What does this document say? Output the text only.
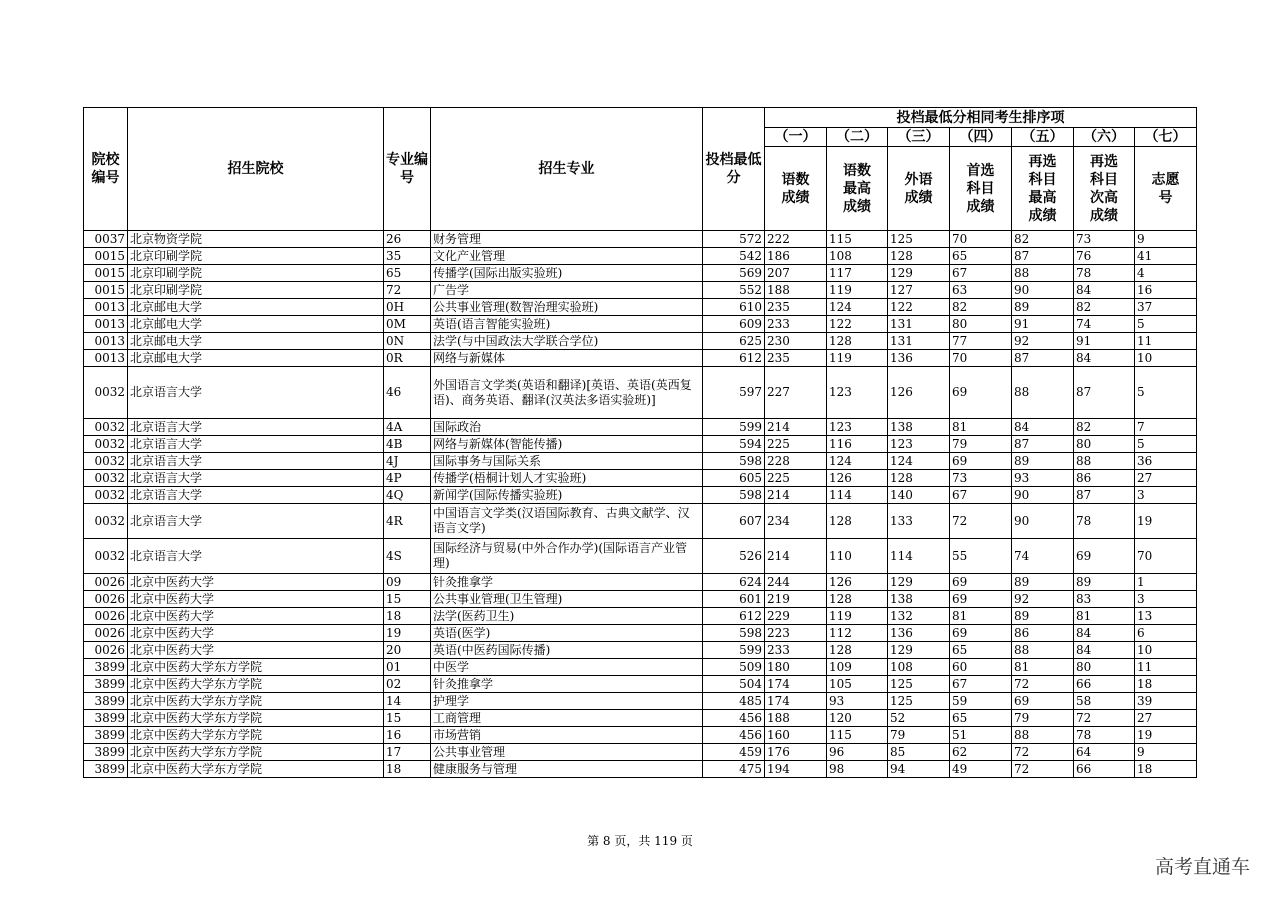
院校编号	招生院校	专业编号	招生专业	投档最低分	投档最低分相同考生排序项						
					（一）	（二）	（三）	（四）	（五）	（六）	（七）
					语数成绩	语数最高成绩	外语成绩	首选科目成绩	再选科目最高成绩	再选科目次高成绩	志愿号
0037	北京物资学院	26	财务管理	572	222	115	125	70	82	73	9
0015	北京印刷学院	35	文化产业管理	542	186	108	128	65	87	76	41
0015	北京印刷学院	65	传播学(国际出版实验班)	569	207	117	129	67	88	78	4
0015	北京印刷学院	72	广告学	552	188	119	127	63	90	84	16
0013	北京邮电大学	0H	公共事业管理(数智治理实验班)	610	235	124	122	82	89	82	37
0013	北京邮电大学	0M	英语(语言智能实验班)	609	233	122	131	80	91	74	5
0013	北京邮电大学	0N	法学(与中国政法大学联合学位)	625	230	128	131	77	92	91	11
0013	北京邮电大学	0R	网络与新媒体	612	235	119	136	70	87	84	10
0032	北京语言大学	46	外国语言文学类(英语和翻译)[英语、英语(英西复语)、商务英语、翻译(汉英法多语实验班)]	597	227	123	126	69	88	87	5
0032	北京语言大学	4A	国际政治	599	214	123	138	81	84	82	7
0032	北京语言大学	4B	网络与新媒体(智能传播)	594	225	116	123	79	87	80	5
0032	北京语言大学	4J	国际事务与国际关系	598	228	124	124	69	89	88	36
0032	北京语言大学	4P	传播学(梧桐计划人才实验班)	605	225	126	128	73	93	86	27
0032	北京语言大学	4Q	新闻学(国际传播实验班)	598	214	114	140	67	90	87	3
0032	北京语言大学	4R	中国语言文学类(汉语国际教育、古典文献学、汉语言文学)	607	234	128	133	72	90	78	19
0032	北京语言大学	4S	国际经济与贸易(中外合作办学)(国际语言产业管理)	526	214	110	114	55	74	69	70
0026	北京中医药大学	09	针灸推拿学	624	244	126	129	69	89	89	1
0026	北京中医药大学	15	公共事业管理(卫生管理)	601	219	128	138	69	92	83	3
0026	北京中医药大学	18	法学(医药卫生)	612	229	119	132	81	89	81	13
0026	北京中医药大学	19	英语(医学)	598	223	112	136	69	86	84	6
0026	北京中医药大学	20	英语(中医药国际传播)	599	233	128	129	65	88	84	10
3899	北京中医药大学东方学院	01	中医学	509	180	109	108	60	81	80	11
3899	北京中医药大学东方学院	02	针灸推拿学	504	174	105	125	67	72	66	18
3899	北京中医药大学东方学院	14	护理学	485	174	93	125	59	69	58	39
3899	北京中医药大学东方学院	15	工商管理	456	188	120	52	65	79	72	27
3899	北京中医药大学东方学院	16	市场营销	456	160	115	79	51	88	78	19
3899	北京中医药大学东方学院	17	公共事业管理	459	176	96	85	62	72	64	9
3899	北京中医药大学东方学院	18	健康服务与管理	475	194	98	94	49	72	66	18
第 8 页，共 119 页
高考直通车
